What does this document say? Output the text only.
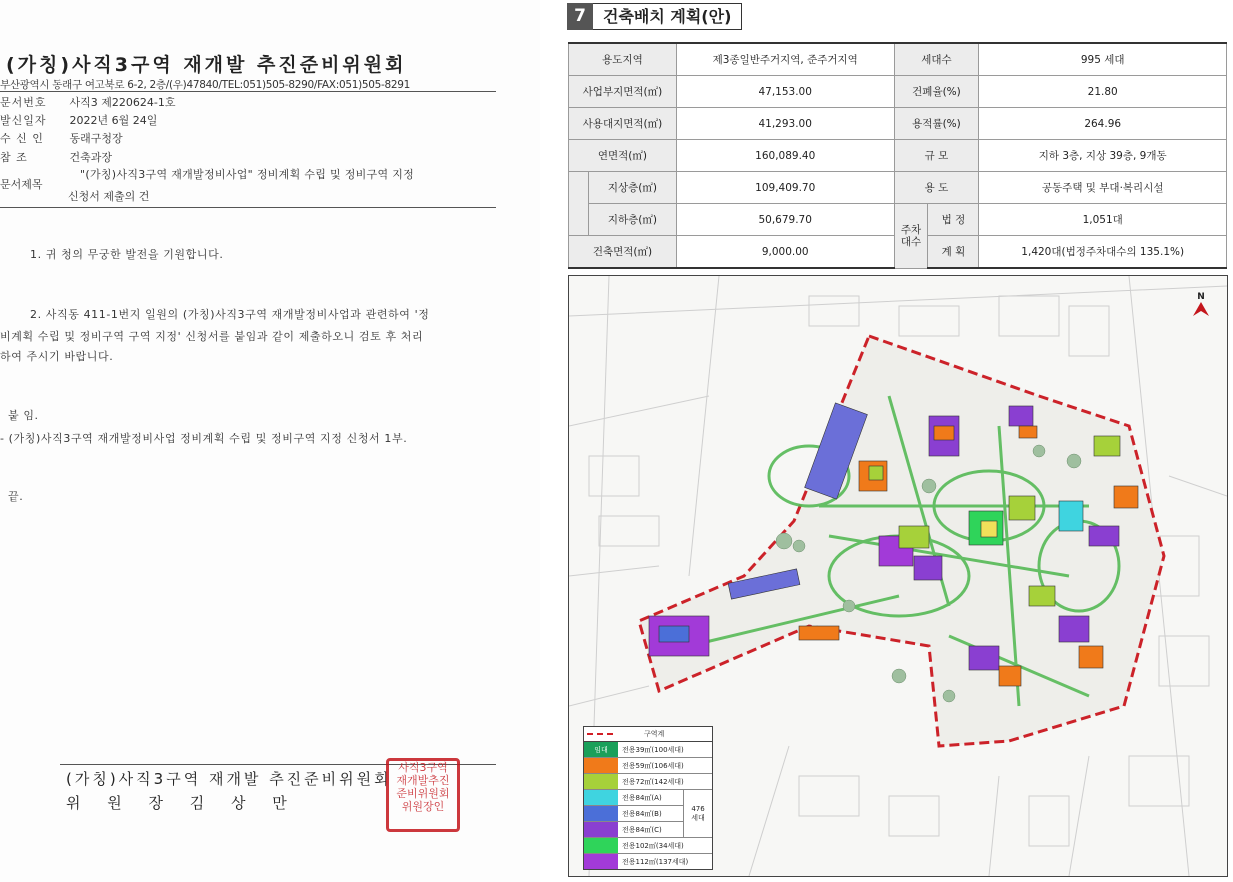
(가칭)사직3구역 재개발 추진준비위원회
부산광역시 동래구 여고북로 6-2, 2층/(우)47840/TEL:051)505-8290/FAX:051)505-8291
문서번호 사직3 제220624-1호
발신일자 2022년 6월 24일
수 신 인 동래구청장
참 조	건축과장
문서제목
"(가칭)사직3구역 재개발정비사업" 정비계획 수립 및 정비구역 지정
신청서 제출의 건
1. 귀 청의 무궁한 발전을 기원합니다.
2. 사직동 411-1번지 일원의 (가칭)사직3구역 재개발정비사업과 관련하여 '정
비계획 수립 및 정비구역 구역 지정' 신청서를 붙임과 같이 제출하오니 검토 후 처리
하여 주시기 바랍니다.
붙 임.
- (가칭)사직3구역 재개발정비사업 정비계획 수립 및 정비구역 지정 신청서 1부.
끝.
(가칭)사직3구역 재개발 추진준비위원회
위 원 장 김 상 만
사직3구역
재개발추진
준비위원회
위원장인
7	건축배치 계획(안)
용도지역		제3종일반주거지역, 준주거지역	세대수		995 세대
사업부지면적(㎡)		47,153.00	건폐율(%)		21.80
사용대지면적(㎡)		41,293.00	용적률(%)		264.96
연면적(㎡)		160,089.40	규 모		지하 3층, 지상 39층, 9개동
	지상층(㎡)	109,409.70	용 도		공동주택 및 부대·복리시설
	지하층(㎡)	50,679.70	주차대수	법 정	1,051대
건축면적(㎡)		9,000.00		계 획	1,420대(법정주차대수의 135.1%)
N
구역계
임대	전용39㎡(100세대)
전용59㎡(106세대)
전용72㎡(142세대)
전용84㎡(A)
전용84㎡(B)
전용84㎡(C)
476
세대
전용102㎡(34세대)
전용112㎡(137세대)
